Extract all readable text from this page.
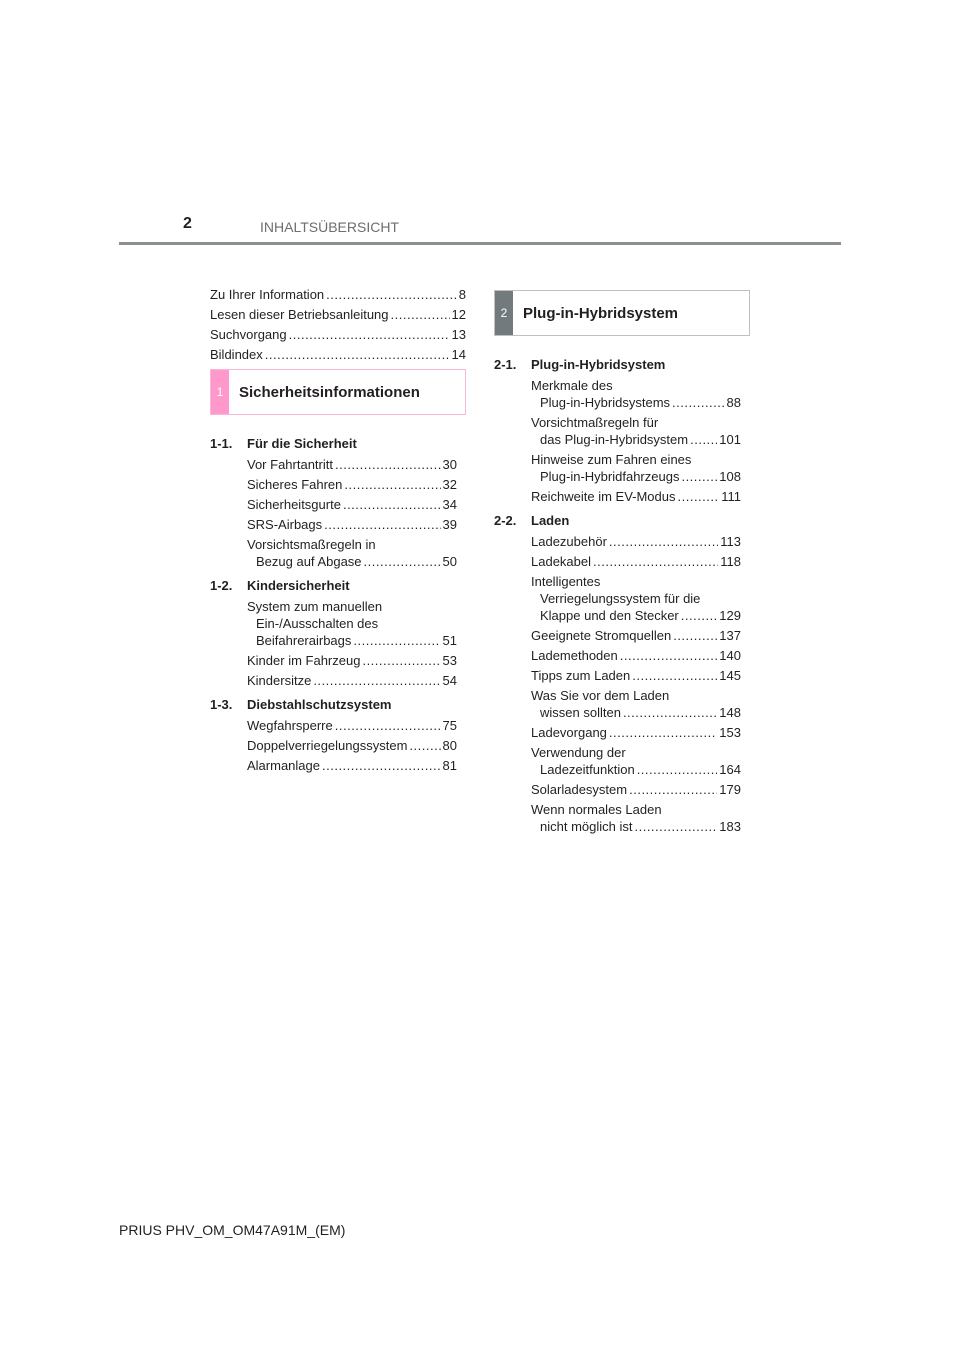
2	INHALTSÜBERSICHT
Zu Ihrer Information .....	8
Lesen dieser Betriebsanleitung .....	12
Suchvorgang .....	13
Bildindex .....	14
1	Sicherheitsinformationen
1-1.	Für die Sicherheit
Vor Fahrtantritt .....	30
Sicheres Fahren .....	32
Sicherheitsgurte .....	34
SRS-Airbags .....	39
Vorsichtsmaßregeln in
Bezug auf Abgase .....	50
1-2.	Kindersicherheit
System zum manuellen
Ein-/Ausschalten des
Beifahrerairbags .....	51
Kinder im Fahrzeug .....	53
Kindersitze .....	54
1-3.	Diebstahlschutzsystem
Wegfahrsperre .....	75
Doppelverriegelungssystem .....	80
Alarmanlage .....	81
2	Plug-in-Hybridsystem
2-1.	Plug-in-Hybridsystem
Merkmale des
Plug-in-Hybridsystems .....	88
Vorsichtmaßregeln für
das Plug-in-Hybridsystem ..... 101
Hinweise zum Fahren eines
Plug-in-Hybridfahrzeugs .....	108
Reichweite im EV-Modus .....	111
2-2.	Laden
Ladezubehör .....	113
Ladekabel .....	118
Intelligentes
Verriegelungssystem für die
Klappe und den Stecker .....	129
Geeignete Stromquellen .....	137
Lademethoden .....	140
Tipps zum Laden .....	145
Was Sie vor dem Laden
wissen sollten .....	148
Ladevorgang .....	153
Verwendung der
Ladezeitfunktion .....	164
Solarladesystem .....	179
Wenn normales Laden
nicht möglich ist .....	183
PRIUS PHV_OM_OM47A91M_(EM)
